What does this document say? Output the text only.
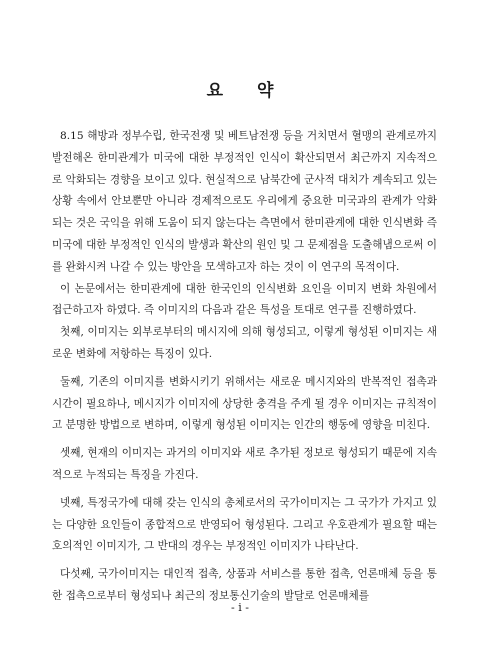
요 약

8.15 해방과 정부수립, 한국전쟁 및 베트남전쟁 등을 거치면서 혈맹의 관계로까지 발전해온 한미관계가 미국에 대한 부정적인 인식이 확산되면서 최근까지 지속적으로 악화되는 경향을 보이고 있다. 현실적으로 남북간에 군사적 대치가 계속되고 있는 상황 속에서 안보뿐만 아니라 경제적으로도 우리에게 중요한 미국과의 관계가 악화되는 것은 국익을 위해 도움이 되지 않는다는 측면에서 한미관계에 대한 인식변화 즉 미국에 대한 부정적인 인식의 발생과 확산의 원인 및 그 문제점을 도출해냄으로써 이를 완화시켜 나갈 수 있는 방안을 모색하고자 하는 것이 이 연구의 목적이다.

이 논문에서는 한미관계에 대한 한국인의 인식변화 요인을 이미지 변화 차원에서 접근하고자 하였다. 즉 이미지의 다음과 같은 특성을 토대로 연구를 진행하였다.

첫째, 이미지는 외부로부터의 메시지에 의해 형성되고, 이렇게 형성된 이미지는 새로운 변화에 저항하는 특징이 있다.

둘째, 기존의 이미지를 변화시키기 위해서는 새로운 메시지와의 반복적인 접촉과 시간이 필요하나, 메시지가 이미지에 상당한 충격을 주게 될 경우 이미지는 규칙적이고 분명한 방법으로 변하며, 이렇게 형성된 이미지는 인간의 행동에 영향을 미친다.

셋째, 현재의 이미지는 과거의 이미지와 새로 추가된 정보로 형성되기 때문에 지속적으로 누적되는 특징을 가진다.

넷째, 특정국가에 대해 갖는 인식의 총체로서의 국가이미지는 그 국가가 가지고 있는 다양한 요인들이 종합적으로 반영되어 형성된다. 그리고 우호관계가 필요할 때는 호의적인 이미지가, 그 반대의 경우는 부정적인 이미지가 나타난다.

다섯째, 국가이미지는 대인적 접촉, 상품과 서비스를 통한 접촉, 언론매체 등을 통한 접촉으로부터 형성되나 최근의 정보통신기술의 발달로 언론매체를

- i -
